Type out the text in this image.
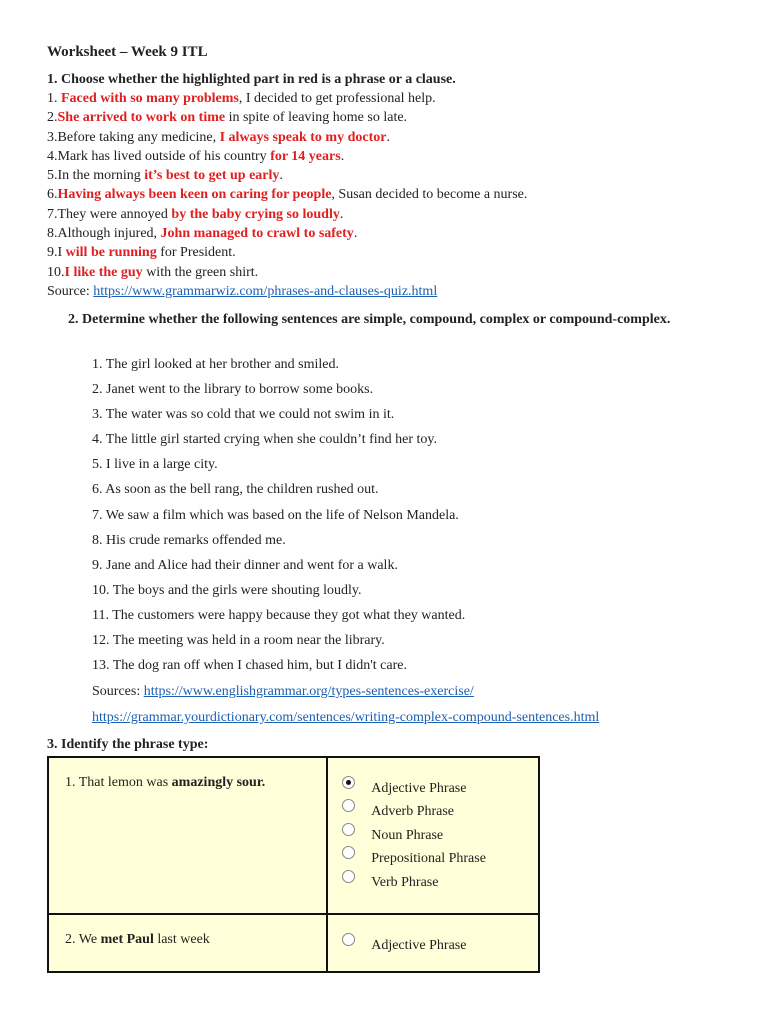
Worksheet – Week 9 ITL
1. Choose whether the highlighted part in red is a phrase or a clause.
1. Faced with so many problems, I decided to get professional help.
2.She arrived to work on time in spite of leaving home so late.
3.Before taking any medicine, I always speak to my doctor.
4.Mark has lived outside of his country for 14 years.
5.In the morning it’s best to get up early.
6.Having always been keen on caring for people, Susan decided to become a nurse.
7.They were annoyed by the baby crying so loudly.
8.Although injured, John managed to crawl to safety.
9.I will be running for President.
10.I like the guy with the green shirt.
Source: https://www.grammarwiz.com/phrases-and-clauses-quiz.html
2. Determine whether the following sentences are simple, compound, complex or compound-complex.
1. The girl looked at her brother and smiled.
2. Janet went to the library to borrow some books.
3. The water was so cold that we could not swim in it.
4. The little girl started crying when she couldn’t find her toy.
5. I live in a large city.
6. As soon as the bell rang, the children rushed out.
7. We saw a film which was based on the life of Nelson Mandela.
8. His crude remarks offended me.
9. Jane and Alice had their dinner and went for a walk.
10. The boys and the girls were shouting loudly.
11. The customers were happy because they got what they wanted.
12. The meeting was held in a room near the library.
13. The dog ran off when I chased him, but I didn't care.
Sources: https://www.englishgrammar.org/types-sentences-exercise/
https://grammar.yourdictionary.com/sentences/writing-complex-compound-sentences.html
3. Identify the phrase type:
1. That lemon was amazingly sour.	Adjective Phrase
Adverb Phrase
Noun Phrase
Prepositional Phrase
Verb Phrase

2. We met Paul last week	Adjective Phrase
